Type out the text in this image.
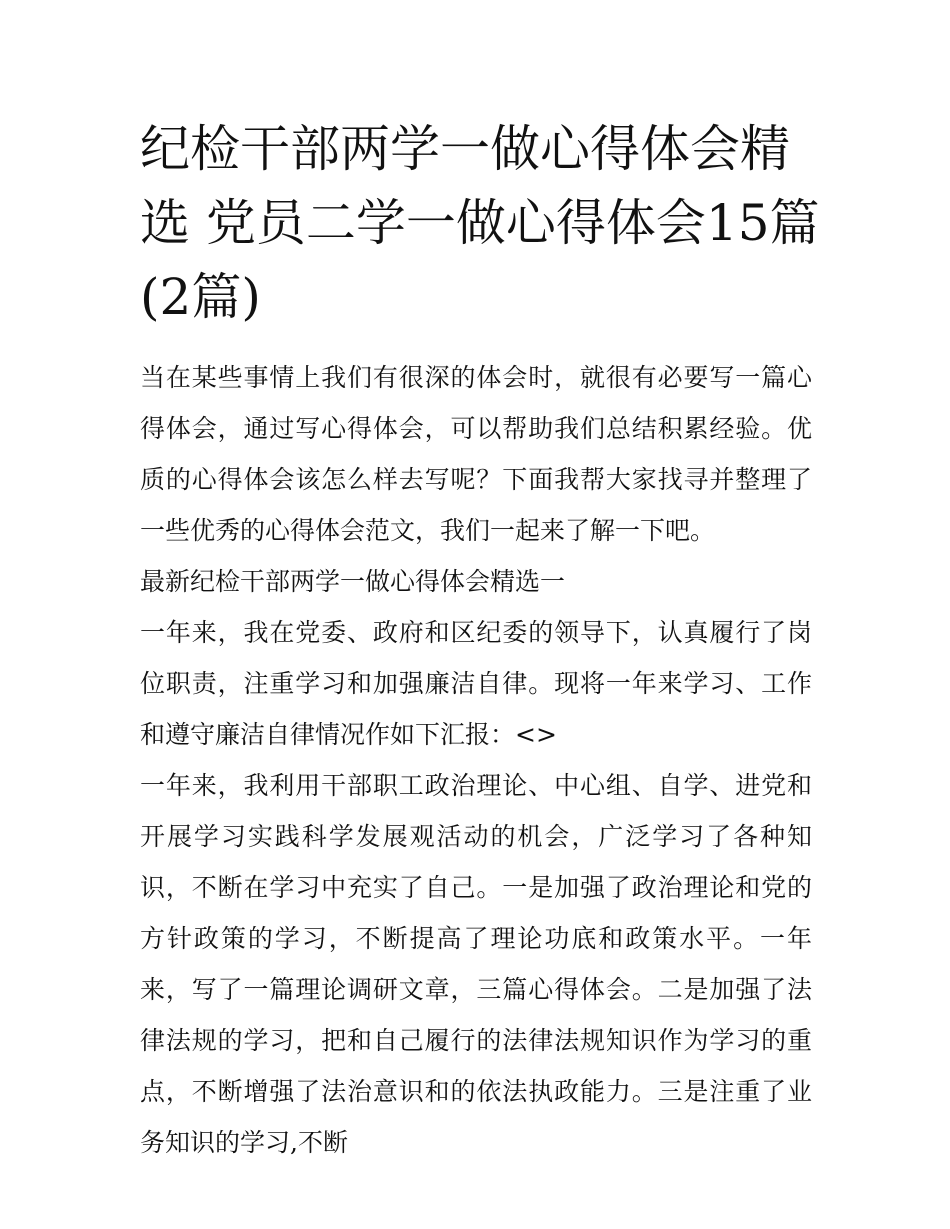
纪检干部两学一做心得体会精选 党员二学一做心得体会15篇(2篇)

当在某些事情上我们有很深的体会时，就很有必要写一篇心得体会，通过写心得体会，可以帮助我们总结积累经验。优质的心得体会该怎么样去写呢？下面我帮大家找寻并整理了一些优秀的心得体会范文，我们一起来了解一下吧。

最新纪检干部两学一做心得体会精选一

一年来，我在党委、政府和区纪委的领导下，认真履行了岗位职责，注重学习和加强廉洁自律。现将一年来学习、工作和遵守廉洁自律情况作如下汇报：<>

一年来，我利用干部职工政治理论、中心组、自学、进党和开展学习实践科学发展观活动的机会，广泛学习了各种知识，不断在学习中充实了自己。一是加强了政治理论和党的方针政策的学习，不断提高了理论功底和政策水平。一年来，写了一篇理论调研文章，三篇心得体会。二是加强了法律法规的学习，把和自己履行的法律法规知识作为学习的重点，不断增强了法治意识和的依法执政能力。三是注重了业务知识的学习,不断
